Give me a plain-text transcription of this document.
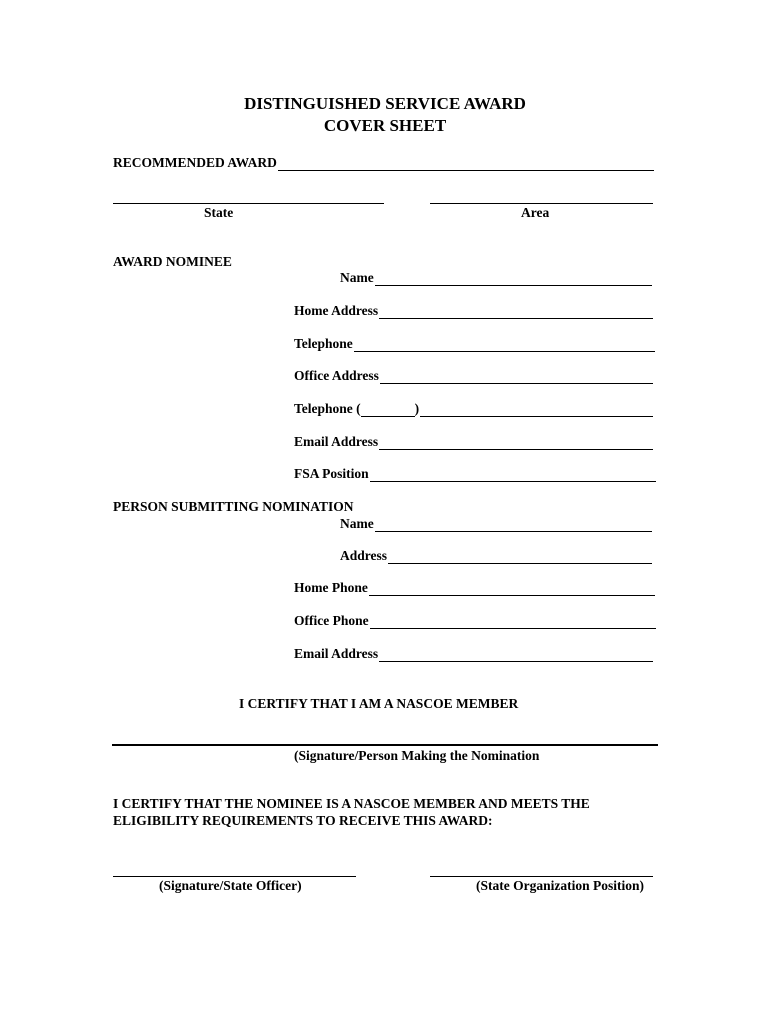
DISTINGUISHED SERVICE AWARD
COVER SHEET
RECOMMENDED AWARD
State	Area
AWARD NOMINEE
Name
Home Address
Telephone
Office Address
Telephone (	)
Email Address
FSA Position
PERSON SUBMITTING NOMINATION
Name
Address
Home Phone
Office Phone
Email Address
I CERTIFY THAT I AM A NASCOE MEMBER
(Signature/Person Making the Nomination
I CERTIFY THAT THE NOMINEE IS A NASCOE MEMBER AND MEETS THE
ELIGIBILITY REQUIREMENTS TO RECEIVE THIS AWARD:
(Signature/State Officer)	(State Organization Position)
